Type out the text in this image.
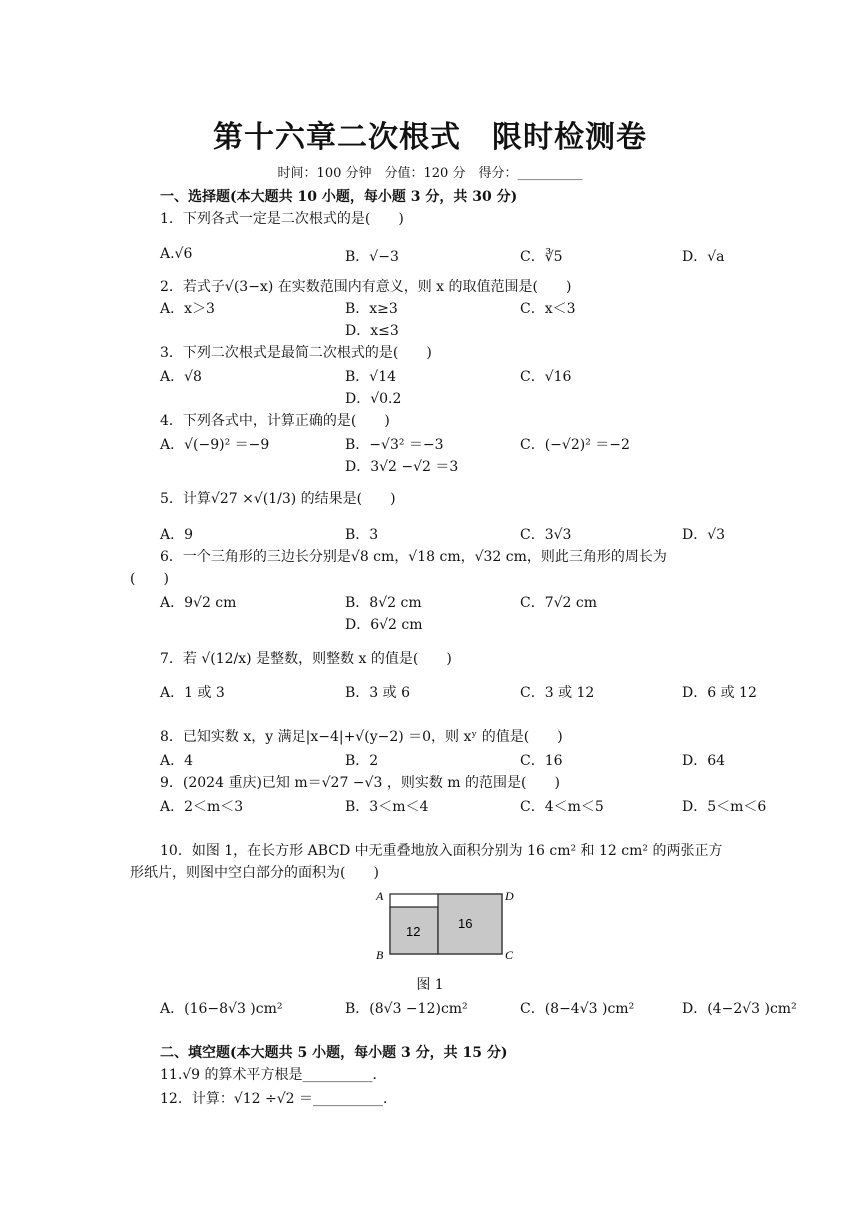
第十六章二次根式　限时检测卷
时间：100 分钟　分值：120 分　得分：__________
一、选择题(本大题共 10 小题，每小题 3 分，共 30 分)
1．下列各式一定是二次根式的是(　　)
A.√6	B．√−3	C．∛5	D．√a
2．若式子√(3−x) 在实数范围内有意义，则 x 的取值范围是(　　)
A．x＞3	B．x≥3	C．x＜3
D．x≤3
3．下列二次根式是最简二次根式的是(　　)
A．√8	B．√14	C．√16
D．√0.2
4．下列各式中，计算正确的是(　　)
A．√(−9)² ＝−9	B．−√3² ＝−3	C．(−√2)² ＝−2
D．3√2 −√2 ＝3
5．计算√27 ×√(1/3) 的结果是(　　)
A．9	B．3	C．3√3	D．√3
6．一个三角形的三边长分别是√8 cm，√18 cm，√32 cm，则此三角形的周长为
(　　)
A．9√2 cm	B．8√2 cm	C．7√2 cm
D．6√2 cm
7．若 √(12/x) 是整数，则整数 x 的值是(　　)
A．1 或 3	B．3 或 6	C．3 或 12	D．6 或 12
8．已知实数 x，y 满足|x−4|+√(y−2) ＝0，则 xʸ 的值是(　　)
A．4	B．2	C．16	D．64
9．(2024 重庆)已知 m＝√27 −√3 ，则实数 m 的范围是(　　)
A．2＜m＜3	B．3＜m＜4	C．4＜m＜5	D．5＜m＜6
10．如图 1，在长方形 ABCD 中无重叠地放入面积分别为 16 cm² 和 12 cm² 的两张正方
形纸片，则图中空白部分的面积为(　　)
A
B	C
D
12
16
图 1
A．(16−8√3 )cm²	B．(8√3 −12)cm²	C．(8−4√3 )cm²	D．(4−2√3 )cm²
二、填空题(本大题共 5 小题，每小题 3 分，共 15 分)
11.√9 的算术平方根是__________．
12．计算：√12 ÷√2 ＝__________．
